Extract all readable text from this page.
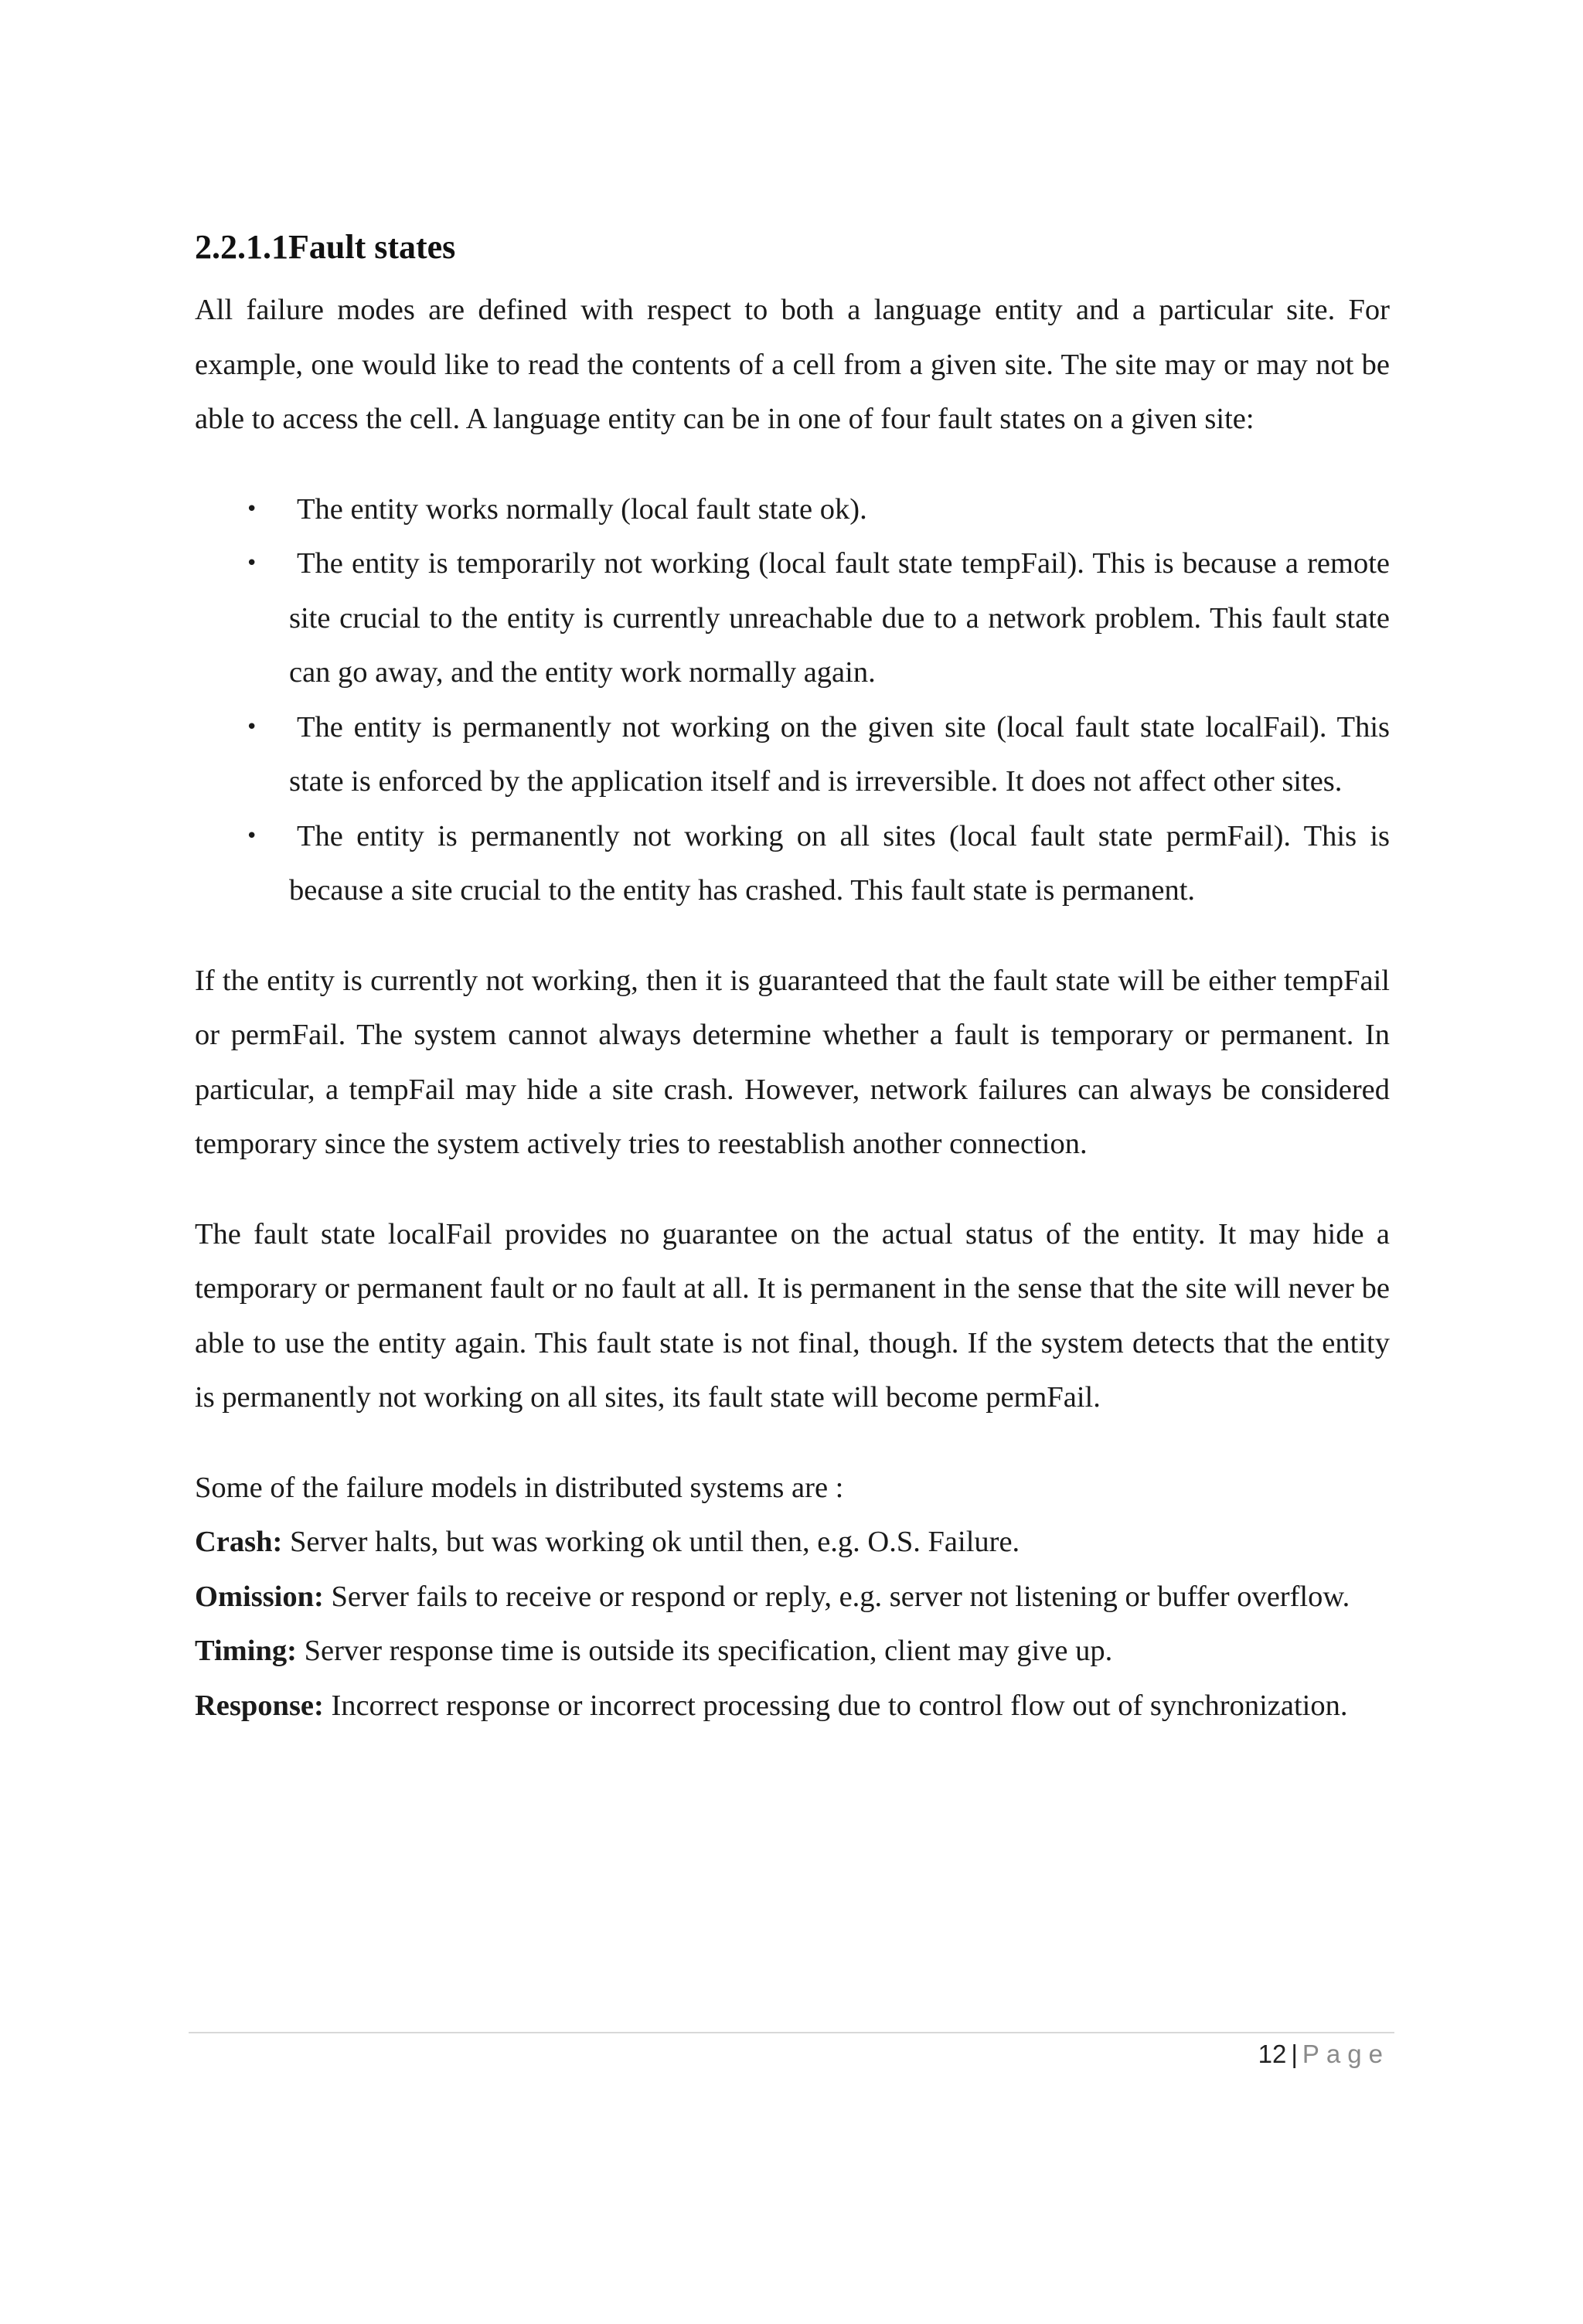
2.2.1.1Fault states

All failure modes are defined with respect to both a language entity and a particular site. For example, one would like to read the contents of a cell from a given site. The site may or may not be able to access the cell. A language entity can be in one of four fault states on a given site:

• The entity works normally (local fault state ok).
• The entity is temporarily not working (local fault state tempFail). This is because a remote site crucial to the entity is currently unreachable due to a network problem. This fault state can go away, and the entity work normally again.
• The entity is permanently not working on the given site (local fault state localFail). This state is enforced by the application itself and is irreversible. It does not affect other sites.
• The entity is permanently not working on all sites (local fault state permFail). This is because a site crucial to the entity has crashed. This fault state is permanent.

If the entity is currently not working, then it is guaranteed that the fault state will be either tempFail or permFail. The system cannot always determine whether a fault is temporary or permanent. In particular, a tempFail may hide a site crash. However, network failures can always be considered temporary since the system actively tries to reestablish another connection.

The fault state localFail provides no guarantee on the actual status of the entity. It may hide a temporary or permanent fault or no fault at all. It is permanent in the sense that the site will never be able to use the entity again. This fault state is not final, though. If the system detects that the entity is permanently not working on all sites, its fault state will become permFail.

Some of the failure models in distributed systems are :

Crash: Server halts, but was working ok until then, e.g. O.S. Failure.

Omission: Server fails to receive or respond or reply, e.g. server not listening or buffer overflow.

Timing: Server response time is outside its specification, client may give up.

Response: Incorrect response or incorrect processing due to control flow out of synchronization.

12 | Page
